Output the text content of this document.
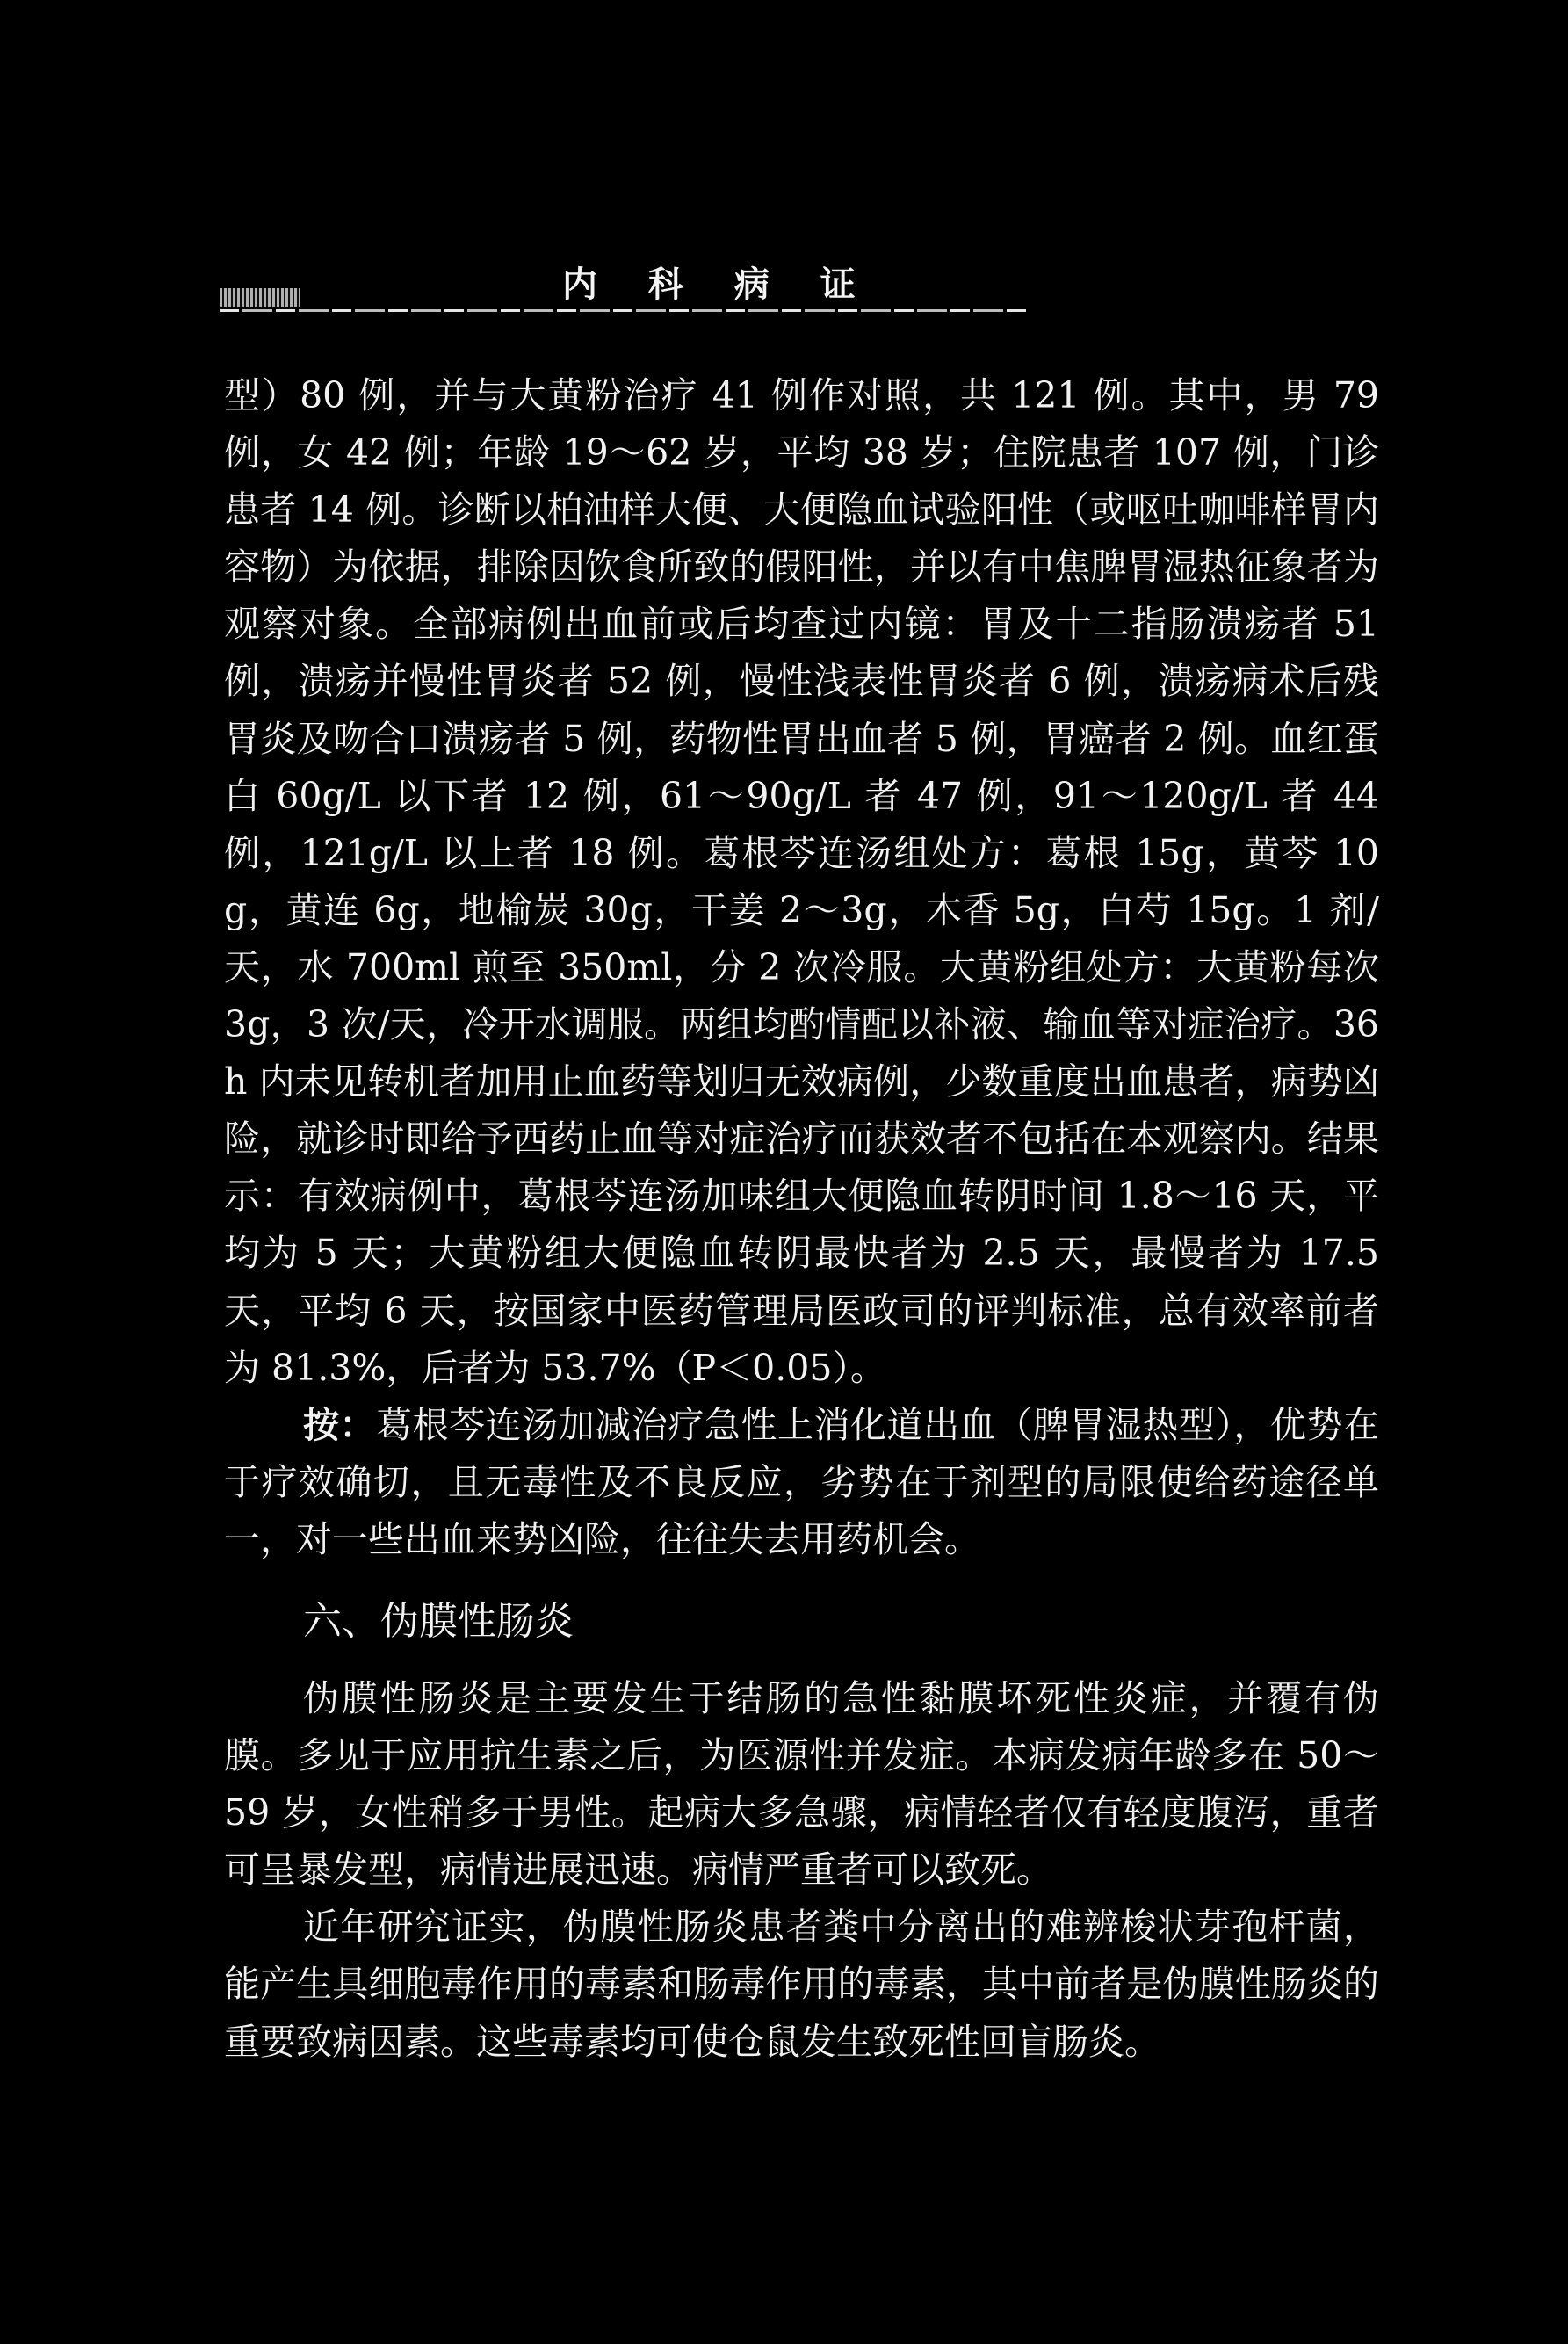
内 科 病 证

型）80 例，并与大黄粉治疗 41 例作对照，共 121 例。其中，男 79 例，女 42 例；年龄 19～62 岁，平均 38 岁；住院患者 107 例，门诊患者 14 例。诊断以柏油样大便、大便隐血试验阳性（或呕吐咖啡样胃内容物）为依据，排除因饮食所致的假阳性，并以有中焦脾胃湿热征象者为观察对象。全部病例出血前或后均查过内镜：胃及十二指肠溃疡者 51 例，溃疡并慢性胃炎者 52 例，慢性浅表性胃炎者 6 例，溃疡病术后残胃炎及吻合口溃疡者 5 例，药物性胃出血者 5 例，胃癌者 2 例。血红蛋白 60g/L 以下者 12 例，61～90g/L 者 47 例，91～120g/L 者 44 例，121g/L 以上者 18 例。葛根芩连汤组处方：葛根 15g，黄芩 10g，黄连 6g，地榆炭 30g，干姜 2～3g，木香 5g，白芍 15g。1 剂/天，水 700ml 煎至 350ml，分 2 次冷服。大黄粉组处方：大黄粉每次 3g，3 次/天，冷开水调服。两组均酌情配以补液、输血等对症治疗。36h 内未见转机者加用止血药等划归无效病例，少数重度出血患者，病势凶险，就诊时即给予西药止血等对症治疗而获效者不包括在本观察内。结果示：有效病例中，葛根芩连汤加味组大便隐血转阴时间 1.8～16 天，平均为 5 天；大黄粉组大便隐血转阴最快者为 2.5 天，最慢者为 17.5 天，平均 6 天，按国家中医药管理局医政司的评判标准，总有效率前者为 81.3%，后者为 53.7%（P＜0.05）。

按：葛根芩连汤加减治疗急性上消化道出血（脾胃湿热型），优势在于疗效确切，且无毒性及不良反应，劣势在于剂型的局限使给药途径单一，对一些出血来势凶险，往往失去用药机会。

六、伪膜性肠炎

伪膜性肠炎是主要发生于结肠的急性黏膜坏死性炎症，并覆有伪膜。多见于应用抗生素之后，为医源性并发症。本病发病年龄多在 50～59 岁，女性稍多于男性。起病大多急骤，病情轻者仅有轻度腹泻，重者可呈暴发型，病情进展迅速。病情严重者可以致死。

近年研究证实，伪膜性肠炎患者粪中分离出的难辨梭状芽孢杆菌，能产生具细胞毒作用的毒素和肠毒作用的毒素，其中前者是伪膜性肠炎的重要致病因素。这些毒素均可使仓鼠发生致死性回盲肠炎。
